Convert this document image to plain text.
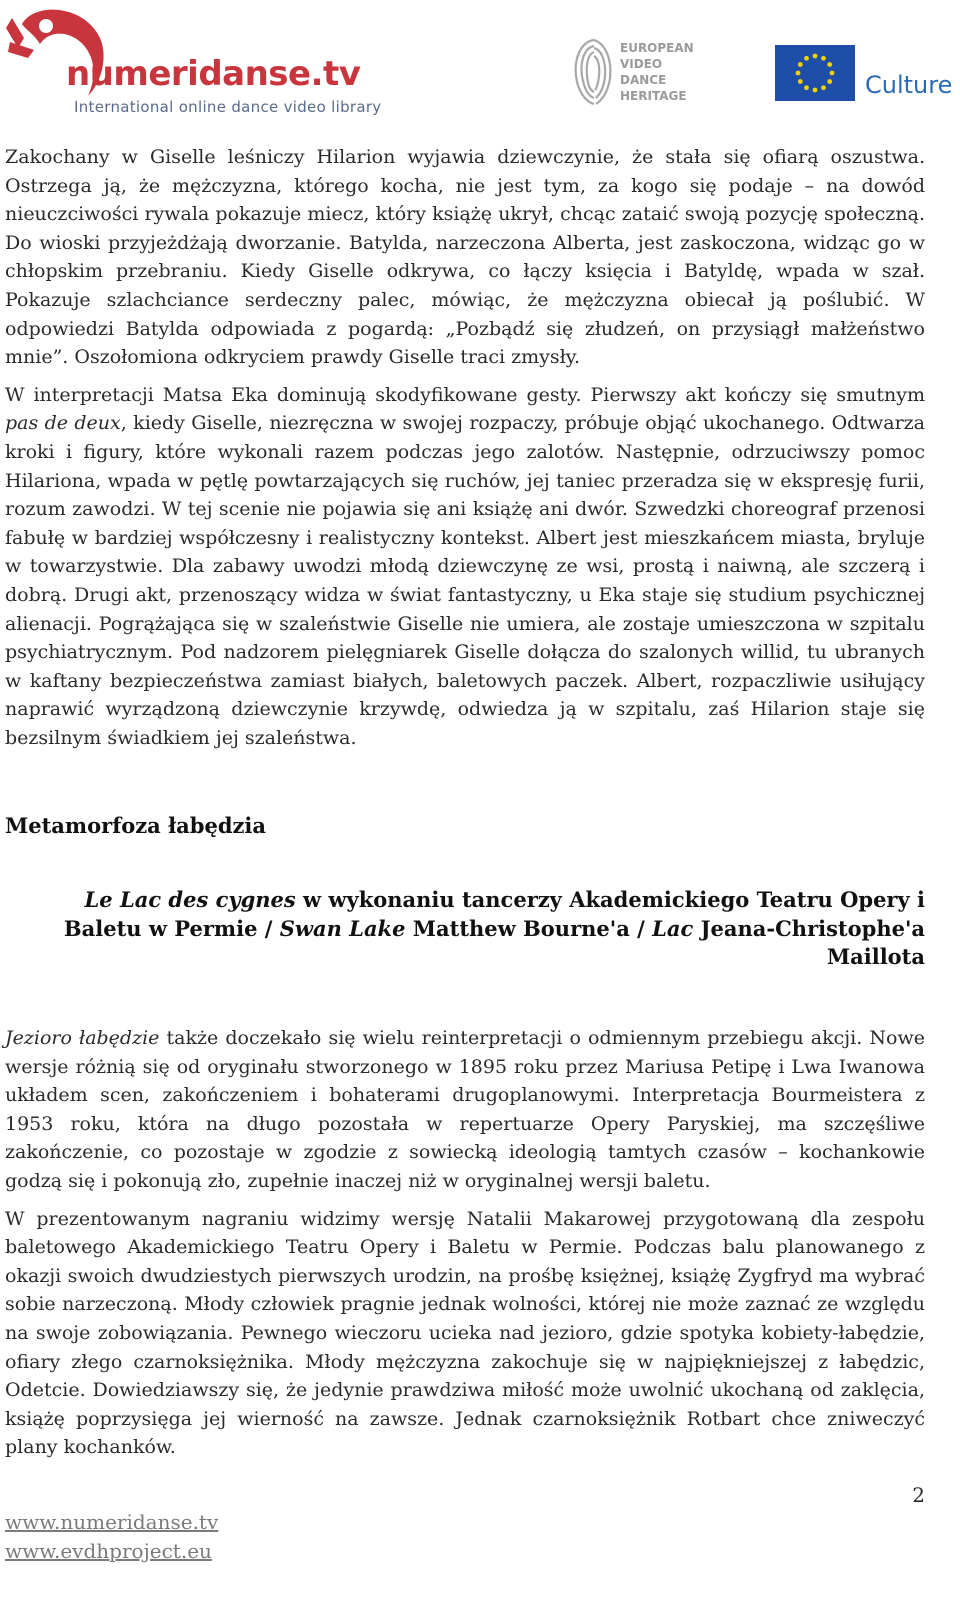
numeridanse.tv
International online dance video library
EUROPEAN
VIDEO
DANCE
HERITAGE	Culture

Zakochany w Giselle leśniczy Hilarion wyjawia dziewczynie, że stała się ofiarą oszustwa. Ostrzega ją, że mężczyzna, którego kocha, nie jest tym, za kogo się podaje – na dowód nieuczciwości rywala pokazuje miecz, który książę ukrył, chcąc zataić swoją pozycję społeczną. Do wioski przyjeżdżają dworzanie. Batylda, narzeczona Alberta, jest zaskoczona, widząc go w chłopskim przebraniu. Kiedy Giselle odkrywa, co łączy księcia i Batyldę, wpada w szał. Pokazuje szlachciance serdeczny palec, mówiąc, że mężczyzna obiecał ją poślubić. W odpowiedzi Batylda odpowiada z pogardą: „Pozbądź się złudzeń, on przysiągł małżeństwo mnie”. Oszołomiona odkryciem prawdy Giselle traci zmysły.

W interpretacji Matsa Eka dominują skodyfikowane gesty. Pierwszy akt kończy się smutnym pas de deux, kiedy Giselle, niezręczna w swojej rozpaczy, próbuje objąć ukochanego. Odtwarza kroki i figury, które wykonali razem podczas jego zalotów. Następnie, odrzuciwszy pomoc Hilariona, wpada w pętlę powtarzających się ruchów, jej taniec przeradza się w ekspresję furii, rozum zawodzi. W tej scenie nie pojawia się ani książę ani dwór. Szwedzki choreograf przenosi fabułę w bardziej współczesny i realistyczny kontekst. Albert jest mieszkańcem miasta, bryluje w towarzystwie. Dla zabawy uwodzi młodą dziewczynę ze wsi, prostą i naiwną, ale szczerą i dobrą. Drugi akt, przenoszący widza w świat fantastyczny, u Eka staje się studium psychicznej alienacji. Pogrążająca się w szaleństwie Giselle nie umiera, ale zostaje umieszczona w szpitalu psychiatrycznym. Pod nadzorem pielęgniarek Giselle dołącza do szalonych willid, tu ubranych w kaftany bezpieczeństwa zamiast białych, baletowych paczek. Albert, rozpaczliwie usiłujący naprawić wyrządzoną dziewczynie krzywdę, odwiedza ją w szpitalu, zaś Hilarion staje się bezsilnym świadkiem jej szaleństwa.

Metamorfoza łabędzia
Le Lac des cygnes w wykonaniu tancerzy Akademickiego Teatru Opery i Baletu w Permie / Swan Lake Matthew Bourne'a / Lac Jeana-Christophe'a Maillota

Jezioro łabędzie także doczekało się wielu reinterpretacji o odmiennym przebiegu akcji. Nowe wersje różnią się od oryginału stworzonego w 1895 roku przez Mariusa Petipę i Lwa Iwanowa układem scen, zakończeniem i bohaterami drugoplanowymi. Interpretacja Bourmeistera z 1953 roku, która na długo pozostała w repertuarze Opery Paryskiej, ma szczęśliwe zakończenie, co pozostaje w zgodzie z sowiecką ideologią tamtych czasów – kochankowie godzą się i pokonują zło, zupełnie inaczej niż w oryginalnej wersji baletu.

W prezentowanym nagraniu widzimy wersję Natalii Makarowej przygotowaną dla zespołu baletowego Akademickiego Teatru Opery i Baletu w Permie. Podczas balu planowanego z okazji swoich dwudziestych pierwszych urodzin, na prośbę księżnej, książę Zygfryd ma wybrać sobie narzeczoną. Młody człowiek pragnie jednak wolności, której nie może zaznać ze względu na swoje zobowiązania. Pewnego wieczoru ucieka nad jezioro, gdzie spotyka kobiety-łabędzie, ofiary złego czarnoksiężnika. Młody mężczyzna zakochuje się w najpiękniejszej z łabędzic, Odetcie. Dowiedziawszy się, że jedynie prawdziwa miłość może uwolnić ukochaną od zaklęcia, książę poprzysięga jej wierność na zawsze. Jednak czarnoksiężnik Rotbart chce zniweczyć plany kochanków.

2
www.numeridanse.tv
www.evdhproject.eu
